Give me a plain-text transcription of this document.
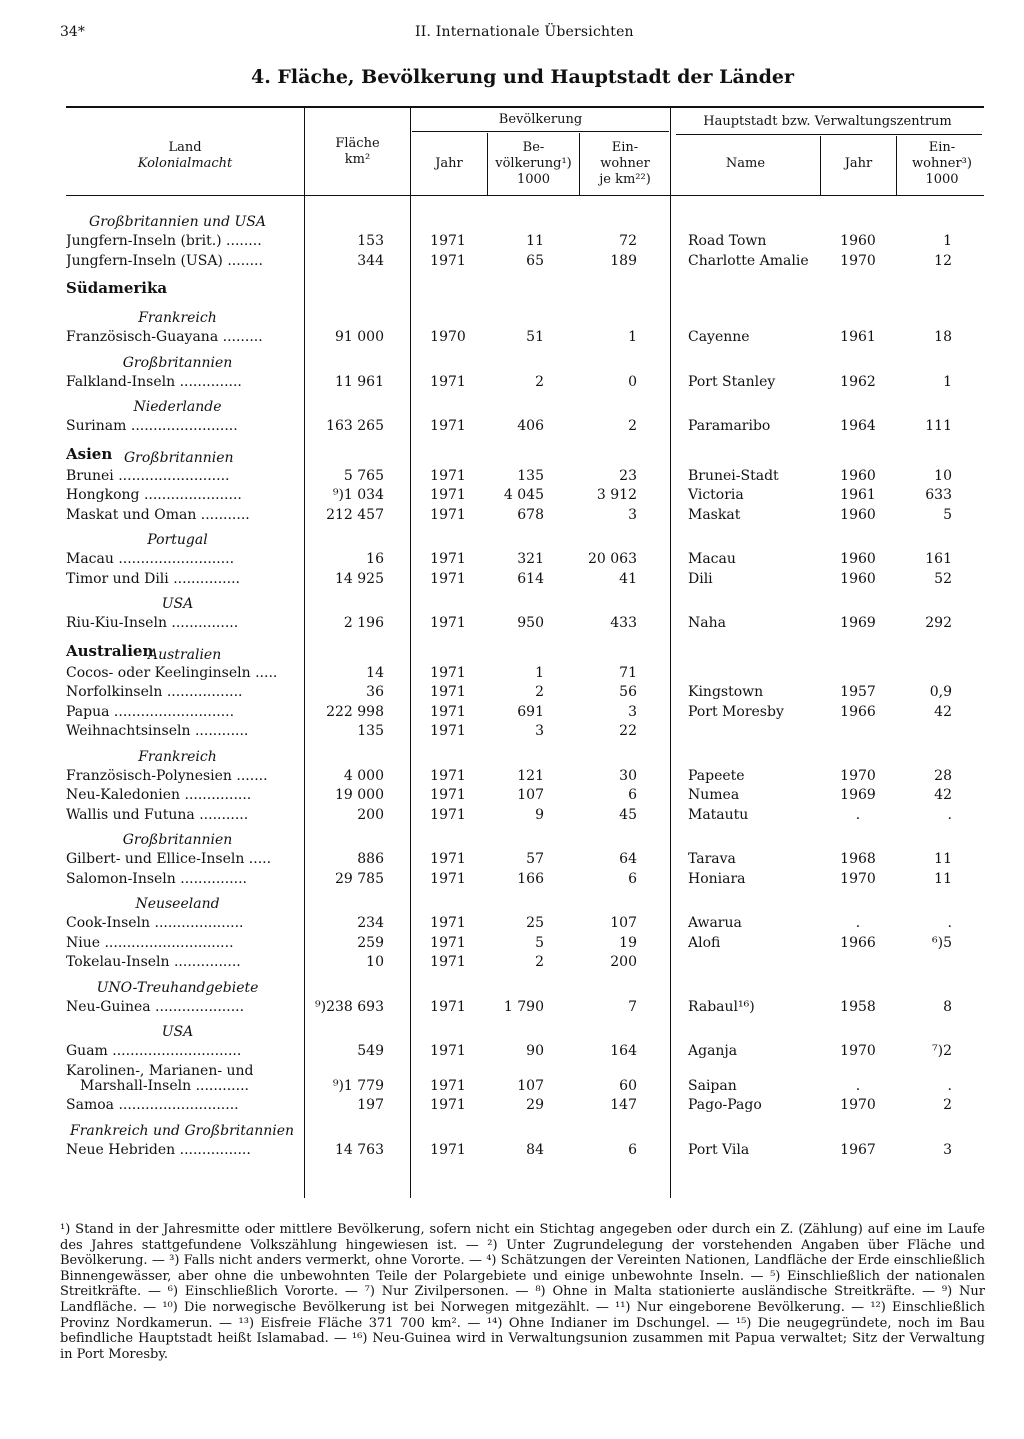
34*	II. Internationale Übersichten
4. Fläche, Bevölkerung und Hauptstadt der Länder
Land
Kolonialmacht
Fläche
km²
Bevölkerung
Jahr
Be-
völkerung¹)
1000
Ein-
wohner
je km²²)
Hauptstadt bzw. Verwaltungszentrum
Name	Jahr
Ein-
wohner³)
1000
Großbritannien und USA
Jungfern-Inseln (brit.) ........	153	1971	11	72	Road Town	1960	1
Jungfern-Inseln (USA) ........	344	1971	65	189	Charlotte Amalie	1970	12
Südamerika
Frankreich
Französisch-Guayana .........	91 000	1970	51	1	Cayenne	1961	18
Großbritannien
Falkland-Inseln ..............	11 961	1971	2	0	Port Stanley	1962	1
Niederlande
Surinam ........................	163 265	1971	406	2	Paramaribo	1964	111
Asien Großbritannien
Brunei .........................	5 765	1971	135	23	Brunei-Stadt	1960	10
Hongkong ......................	⁹)1 034	1971	4 045	3 912	Victoria	1961	633
Maskat und Oman ...........	212 457	1971	678	3	Maskat	1960	5
Portugal
Macau ..........................	16	1971	321	20 063	Macau	1960	161
Timor und Dili ...............	14 925	1971	614	41	Dili	1960	52
USA
Riu-Kiu-Inseln ...............	2 196	1971	950	433	Naha	1969	292
Australien
Australien
Cocos- oder Keelinginseln .....	14	1971	1	71
Norfolkinseln .................	36	1971	2	56	Kingstown	1957	0,9
Papua ...........................	222 998	1971	691	3	Port Moresby	1966	42
Weihnachtsinseln ............	135	1971	3	22
Frankreich
Französisch-Polynesien .......	4 000	1971	121	30	Papeete	1970	28
Neu-Kaledonien ...............	19 000	1971	107	6	Numea	1969	42
Wallis und Futuna ...........	200	1971	9	45	Matautu	.	.
Großbritannien
Gilbert- und Ellice-Inseln .....	886	1971	57	64	Tarava	1968	11
Salomon-Inseln ...............	29 785	1971	166	6	Honiara	1970	11
Neuseeland
Cook-Inseln ....................	234	1971	25	107	Awarua	.	.
Niue .............................	259	1971	5	19	Alofi	1966	⁶)5
Tokelau-Inseln ...............	10	1971	2	200
UNO-Treuhandgebiete
Neu-Guinea ....................	⁹)238 693	1971	1 790	7	Rabaul¹⁶)	1958	8
USA
Guam .............................	549	1971	90	164	Aganja	1970	⁷)2
Karolinen-, Marianen- und
Marshall-Inseln ............	⁹)1 779	1971	107	60	Saipan	.	.
Samoa ...........................	197	1971	29	147	Pago-Pago	1970	2
Frankreich und Großbritannien
Neue Hebriden ................	14 763	1971	84	6	Port Vila	1967	3
¹) Stand in der Jahresmitte oder mittlere Bevölkerung, sofern nicht ein Stichtag angegeben oder durch ein Z. (Zählung) auf eine im Laufe des Jahres stattgefundene Volkszählung hingewiesen ist. — ²) Unter Zugrundelegung der vorstehenden Angaben über Fläche und Bevölkerung. — ³) Falls nicht anders vermerkt, ohne Vororte. — ⁴) Schätzungen der Vereinten Nationen, Landfläche der Erde einschließlich Binnengewässer, aber ohne die unbewohnten Teile der Polargebiete und einige unbewohnte Inseln. — ⁵) Einschließlich der nationalen Streitkräfte. — ⁶) Einschließlich Vororte. — ⁷) Nur Zivilpersonen. — ⁸) Ohne in Malta stationierte ausländische Streitkräfte. — ⁹) Nur Landfläche. — ¹⁰) Die norwegische Bevölkerung ist bei Norwegen mitgezählt. — ¹¹) Nur eingeborene Bevölkerung. — ¹²) Einschließlich Provinz Nordkamerun. — ¹³) Eisfreie Fläche 371 700 km². — ¹⁴) Ohne Indianer im Dschungel. — ¹⁵) Die neugegründete, noch im Bau befindliche Hauptstadt heißt Islamabad. — ¹⁶) Neu-Guinea wird in Verwaltungsunion zusammen mit Papua verwaltet; Sitz der Verwaltung in Port Moresby.
